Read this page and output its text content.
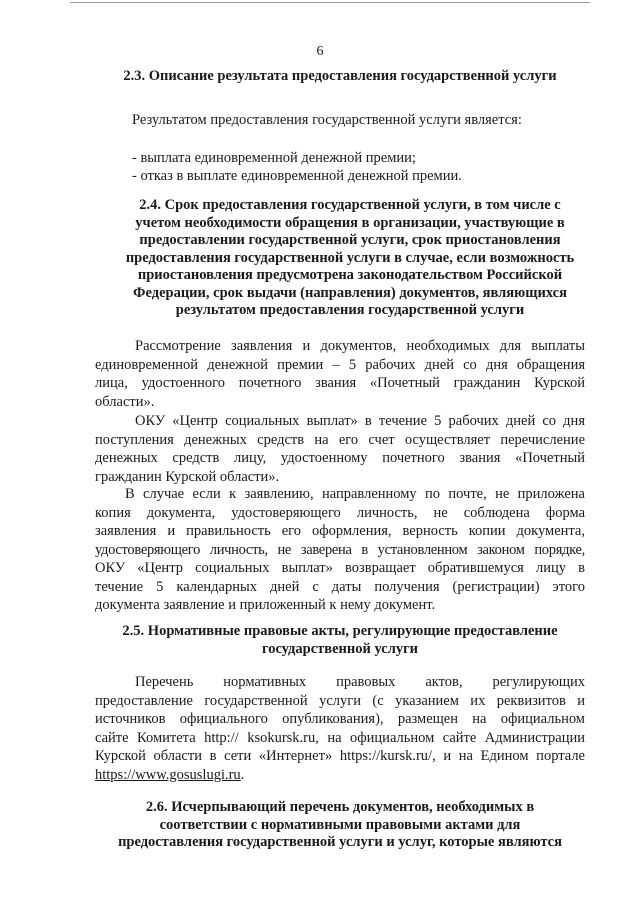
6
2.3. Описание результата предоставления государственной услуги
Результатом предоставления государственной услуги является:
- выплата единовременной денежной премии;
- отказ в выплате единовременной денежной премии.
2.4. Срок предоставления государственной услуги, в том числе с
учетом необходимости обращения в организации, участвующие в
предоставлении государственной услуги, срок приостановления
предоставления государственной услуги в случае, если возможность
приостановления предусмотрена законодательством Российской
Федерации, срок выдачи (направления) документов, являющихся
результатом предоставления государственной услуги
Рассмотрение заявления и документов, необходимых для выплаты
единовременной денежной премии – 5 рабочих дней со дня обращения
лица, удостоенного почетного звания «Почетный гражданин Курской
области».
ОКУ «Центр социальных выплат» в течение 5 рабочих дней со дня
поступления денежных средств на его счет осуществляет перечисление
денежных средств лицу, удостоенному почетного звания «Почетный
гражданин Курской области».
В случае если к заявлению, направленному по почте, не приложена
копия документа, удостоверяющего личность, не соблюдена форма
заявления и правильность его оформления, верность копии документа,
удостоверяющего личность, не заверена в установленном законом порядке,
ОКУ «Центр социальных выплат» возвращает обратившемуся лицу в
течение 5 календарных дней с даты получения (регистрации) этого
документа заявление и приложенный к нему документ.
2.5. Нормативные правовые акты, регулирующие предоставление
государственной услуги
Перечень нормативных правовых актов, регулирующих
предоставление государственной услуги (с указанием их реквизитов и
источников официального опубликования), размещен на официальном
сайте Комитета http:// ksokursk.ru, на официальном сайте Администрации
Курской области в сети «Интернет» https://kursk.ru/, и на Едином портале
https://www.gosuslugi.ru.
2.6. Исчерпывающий перечень документов, необходимых в
соответствии с нормативными правовыми актами для
предоставления государственной услуги и услуг, которые являются
